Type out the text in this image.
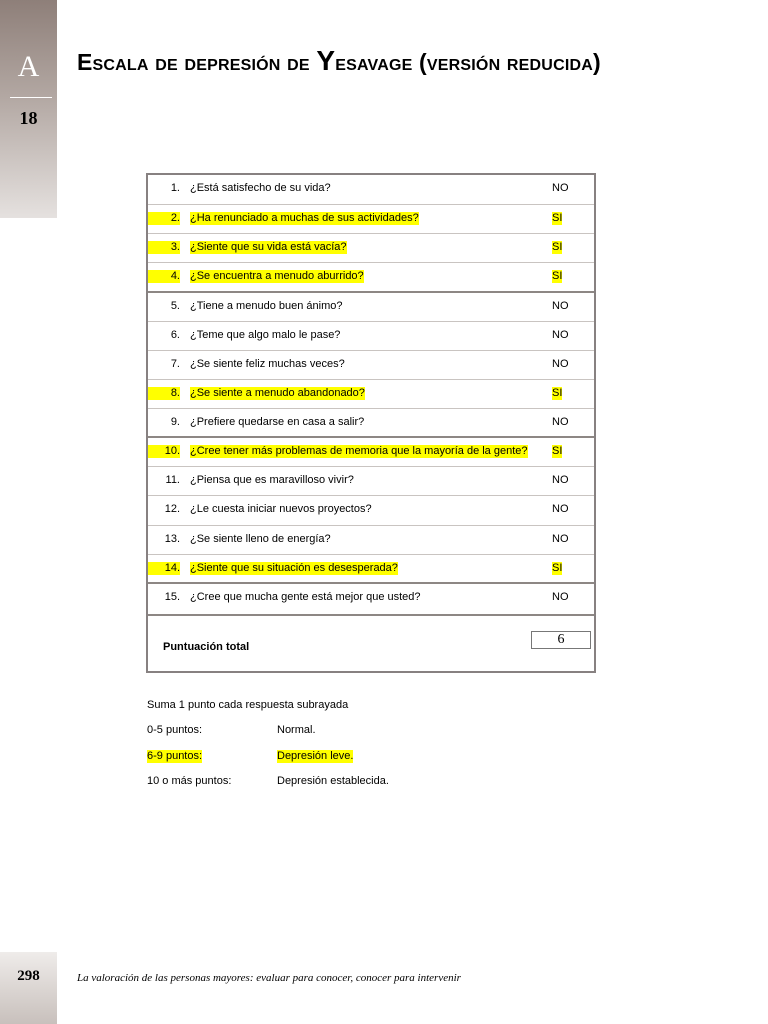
A
18
Escala de depresión de Yesavage (versión reducida)
1. ¿Está satisfecho de su vida?	NO
2. ¿Ha renunciado a muchas de sus actividades?	SI
3. ¿Siente que su vida está vacía?	SI
4. ¿Se encuentra a menudo aburrido?	SI
5. ¿Tiene a menudo buen ánimo?	NO
6. ¿Teme que algo malo le pase?	NO
7. ¿Se siente feliz muchas veces?	NO
8. ¿Se siente a menudo abandonado?	SI
9. ¿Prefiere quedarse en casa a salir?	NO
10. ¿Cree tener más problemas de memoria que la mayoría de la gente? SI
11. ¿Piensa que es maravilloso vivir?	NO
12. ¿Le cuesta iniciar nuevos proyectos?	NO
13. ¿Se siente lleno de energía?	NO
14. ¿Siente que su situación es desesperada?	SI
15. ¿Cree que mucha gente está mejor que usted?	NO
Puntuación total	6
Suma 1 punto cada respuesta subrayada
0-5 puntos:	Normal.
6-9 puntos:	Depresión leve.
10 o más puntos:	Depresión establecida.
298	La valoración de las personas mayores: evaluar para conocer, conocer para intervenir
